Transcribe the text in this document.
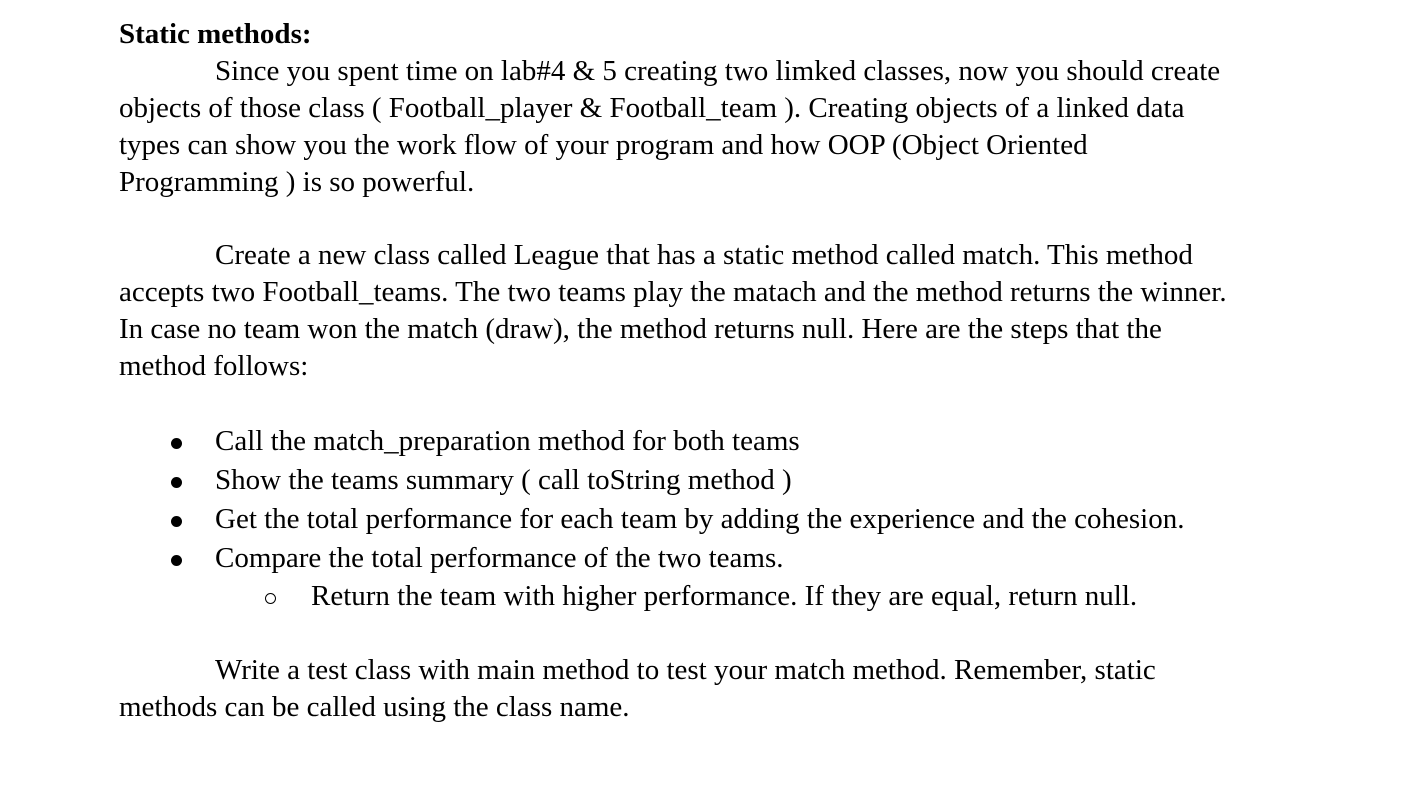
Static methods:

Since you spent time on lab#4 & 5 creating two limked classes, now you should create
objects of those class ( Football_player & Football_team ). Creating objects of a linked data
types can show you the work flow of your program and how OOP (Object Oriented
Programming ) is so powerful.

Create a new class called League that has a static method called match. This method
accepts two Football_teams. The two teams play the matach and the method returns the winner.
In case no team won the match (draw), the method returns null. Here are the steps that the
method follows:

Call the match_preparation method for both teams
Show the teams summary ( call toString method )
Get the total performance for each team by adding the experience and the cohesion.
Compare the total performance of the two teams.
Return the team with higher performance. If they are equal, return null.

Write a test class with main method to test your match method. Remember, static
methods can be called using the class name.
